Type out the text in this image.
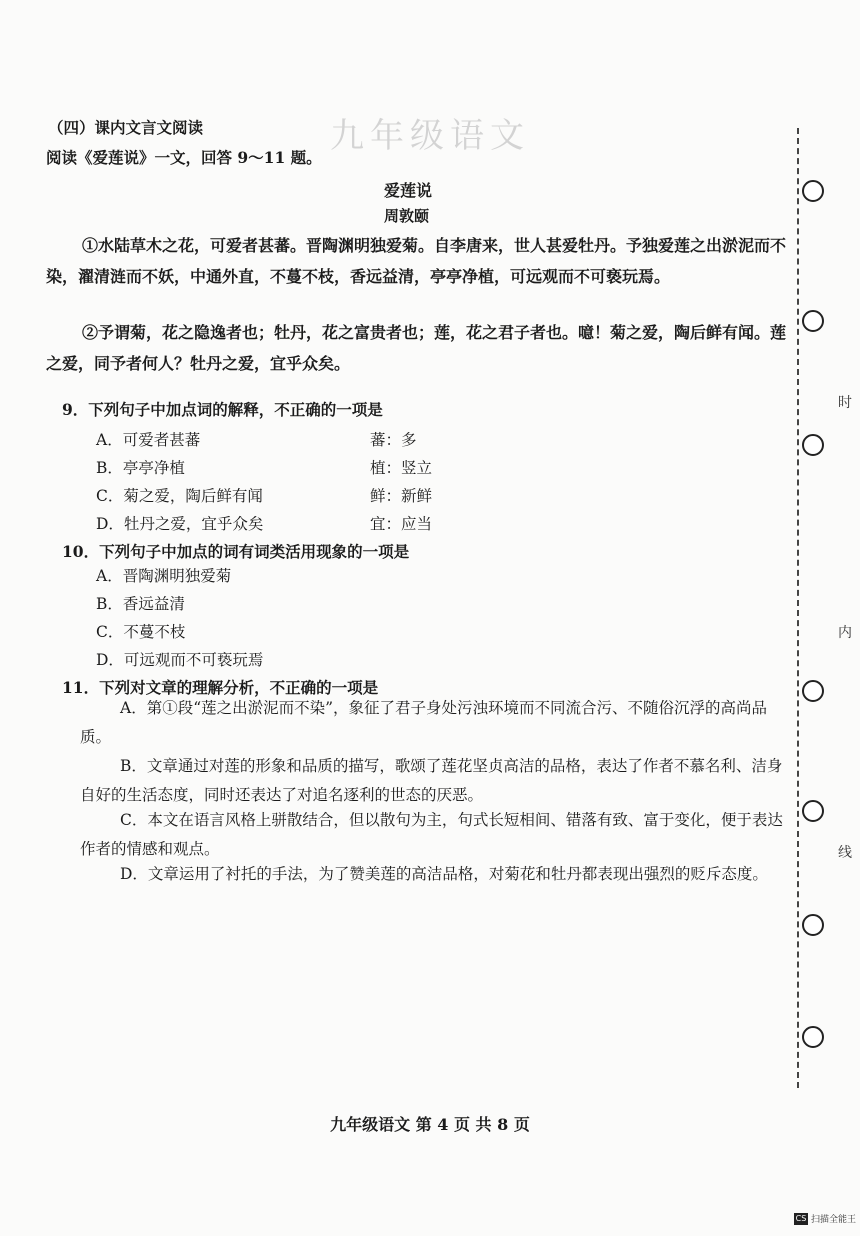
九年级语文
（四）课内文言文阅读
阅读《爱莲说》一文，回答 9～11 题。
爱莲说
周敦颐
①水陆草木之花，可爱者甚蕃。晋陶渊明独爱菊。自李唐来，世人甚爱牡丹。予独爱莲之出淤泥而不染，濯清涟而不妖，中通外直，不蔓不枝，香远益清，亭亭净植，可远观而不可亵玩焉。
②予谓菊，花之隐逸者也；牡丹，花之富贵者也；莲，花之君子者也。噫！菊之爱，陶后鲜有闻。莲之爱，同予者何人？牡丹之爱，宜乎众矣。
9．下列句子中加点词的解释，不正确的一项是
A．可爱者甚蕃	蕃：多
B．亭亭净植	植：竖立
C．菊之爱，陶后鲜有闻	鲜：新鲜
D．牡丹之爱，宜乎众矣	宜：应当
10．下列句子中加点的词有词类活用现象的一项是
A．晋陶渊明独爱菊
B．香远益清
C．不蔓不枝
D．可远观而不可亵玩焉
11．下列对文章的理解分析，不正确的一项是
A．第①段“莲之出淤泥而不染”，象征了君子身处污浊环境而不同流合污、不随俗沉浮的高尚品质。
B．文章通过对莲的形象和品质的描写，歌颂了莲花坚贞高洁的品格，表达了作者不慕名利、洁身自好的生活态度，同时还表达了对追名逐利的世态的厌恶。
C．本文在语言风格上骈散结合，但以散句为主，句式长短相间、错落有致、富于变化，便于表达作者的情感和观点。
D．文章运用了衬托的手法，为了赞美莲的高洁品格，对菊花和牡丹都表现出强烈的贬斥态度。
九年级语文 第 4 页 共 8 页
时
内
线
CS 扫描全能王
